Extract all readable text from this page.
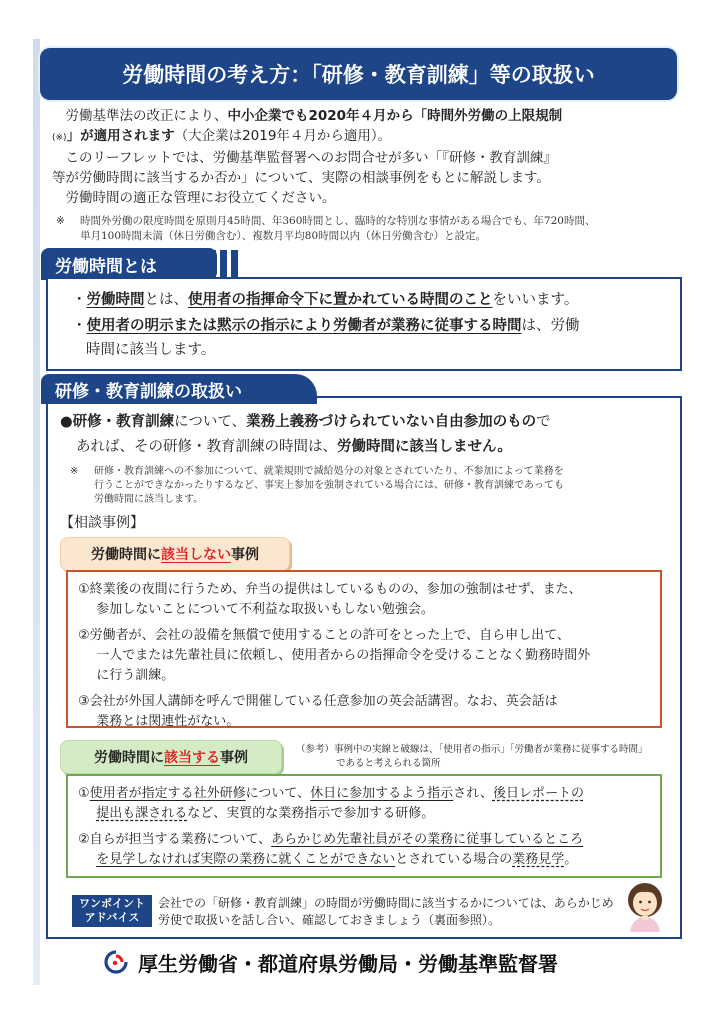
労働時間の考え方：「研修・教育訓練」等の取扱い

労働基準法の改正により、中小企業でも2020年４月から「時間外労働の上限規制

(※)」が適用されます（大企業は2019年４月から適用）。

このリーフレットでは、労働基準監督署へのお問合せが多い「『研修・教育訓練』

等が労働時間に該当するか否か」について、実際の相談事例をもとに解説します。

労働時間の適正な管理にお役立てください。

※ 時間外労働の限度時間を原則月45時間、年360時間とし、臨時的な特別な事情がある場合でも、年720時間、
単月100時間未満（休日労働含む）、複数月平均80時間以内（休日労働含む）と設定。
労働時間とは
・労働時間とは、使用者の指揮命令下に置かれている時間のことをいいます。
・使用者の明示または黙示の指示により労働者が業務に従事する時間は、労働
時間に該当します。
研修・教育訓練の取扱い
●研修・教育訓練について、業務上義務づけられていない自由参加のもので
あれば、その研修・教育訓練の時間は、労働時間に該当しません。
※ 研修・教育訓練への不参加について、就業規則で減給処分の対象とされていたり、不参加によって業務を
行うことができなかったりするなど、事実上参加を強制されている場合には、研修・教育訓練であっても
労働時間に該当します。
【相談事例】
労働時間に 該当しない 事例

①終業後の夜間に行うため、弁当の提供はしているものの、参加の強制はせず、また、
参加しないことについて不利益な取扱いもしない勉強会。

②労働者が、会社の設備を無償で使用することの許可をとった上で、自ら申し出て、
一人でまたは先輩社員に依頼し、使用者からの指揮命令を受けることなく勤務時間外
に行う訓練。

③会社が外国人講師を呼んで開催している任意参加の英会話講習。なお、英会話は
業務とは関連性がない。

労働時間に 該当する 事例
（参考）事例中の実線と破線は、「使用者の指示」「労働者が業務に従事する時間」
であると考えられる箇所

①使用者が指定する社外研修について、休日に参加するよう指示され、後日レポートの
提出も課されるなど、実質的な業務指示で参加する研修。

②自らが担当する業務について、あらかじめ先輩社員がその業務に従事しているところ
を見学しなければ実際の業務に就くことができないとされている場合の業務見学。

ワンポイント
アドバイス
会社での「研修・教育訓練」の時間が労働時間に該当するかについては、あらかじめ
労使で取扱いを話し合い、確認しておきましょう（裏面参照）。
厚生労働省・都道府県労働局・労働基準監督署
